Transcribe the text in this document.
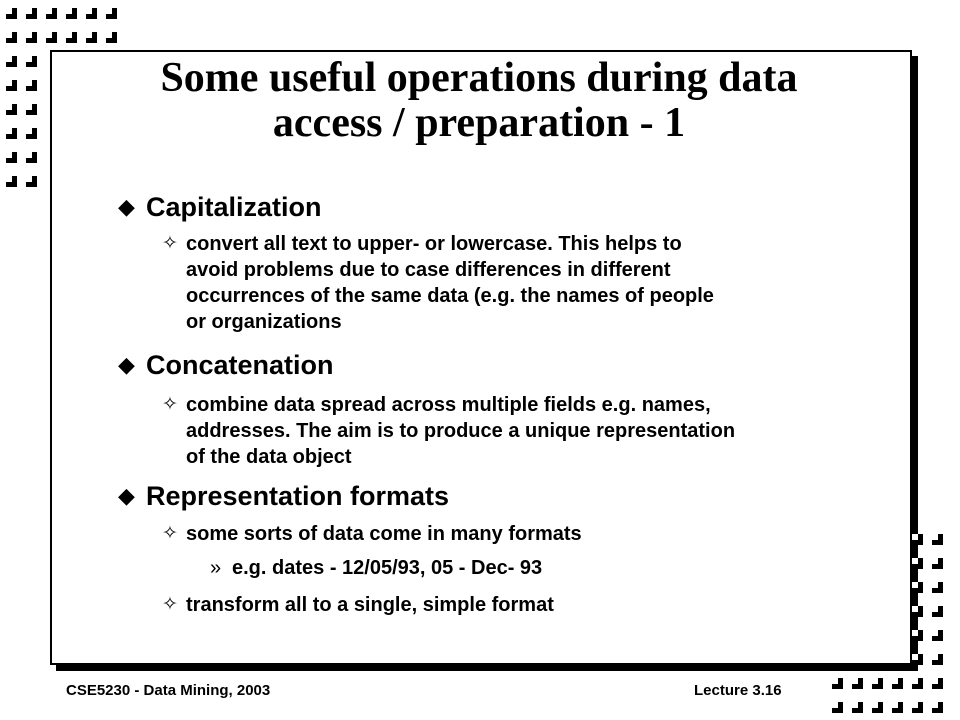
Some useful operations during data
access / preparation - 1
◆ Capitalization
✧ convert all text to upper- or lowercase. This helps to
avoid problems due to case differences in different
occurrences of the same data (e.g. the names of people
or organizations
◆ Concatenation
✧ combine data spread across multiple fields e.g. names,
addresses. The aim is to produce a unique representation
of the data object
◆ Representation formats
✧ some sorts of data come in many formats
» e.g. dates - 12/05/93, 05 - Dec- 93
✧ transform all to a single, simple format
CSE5230 - Data Mining, 2003	Lecture 3.16
